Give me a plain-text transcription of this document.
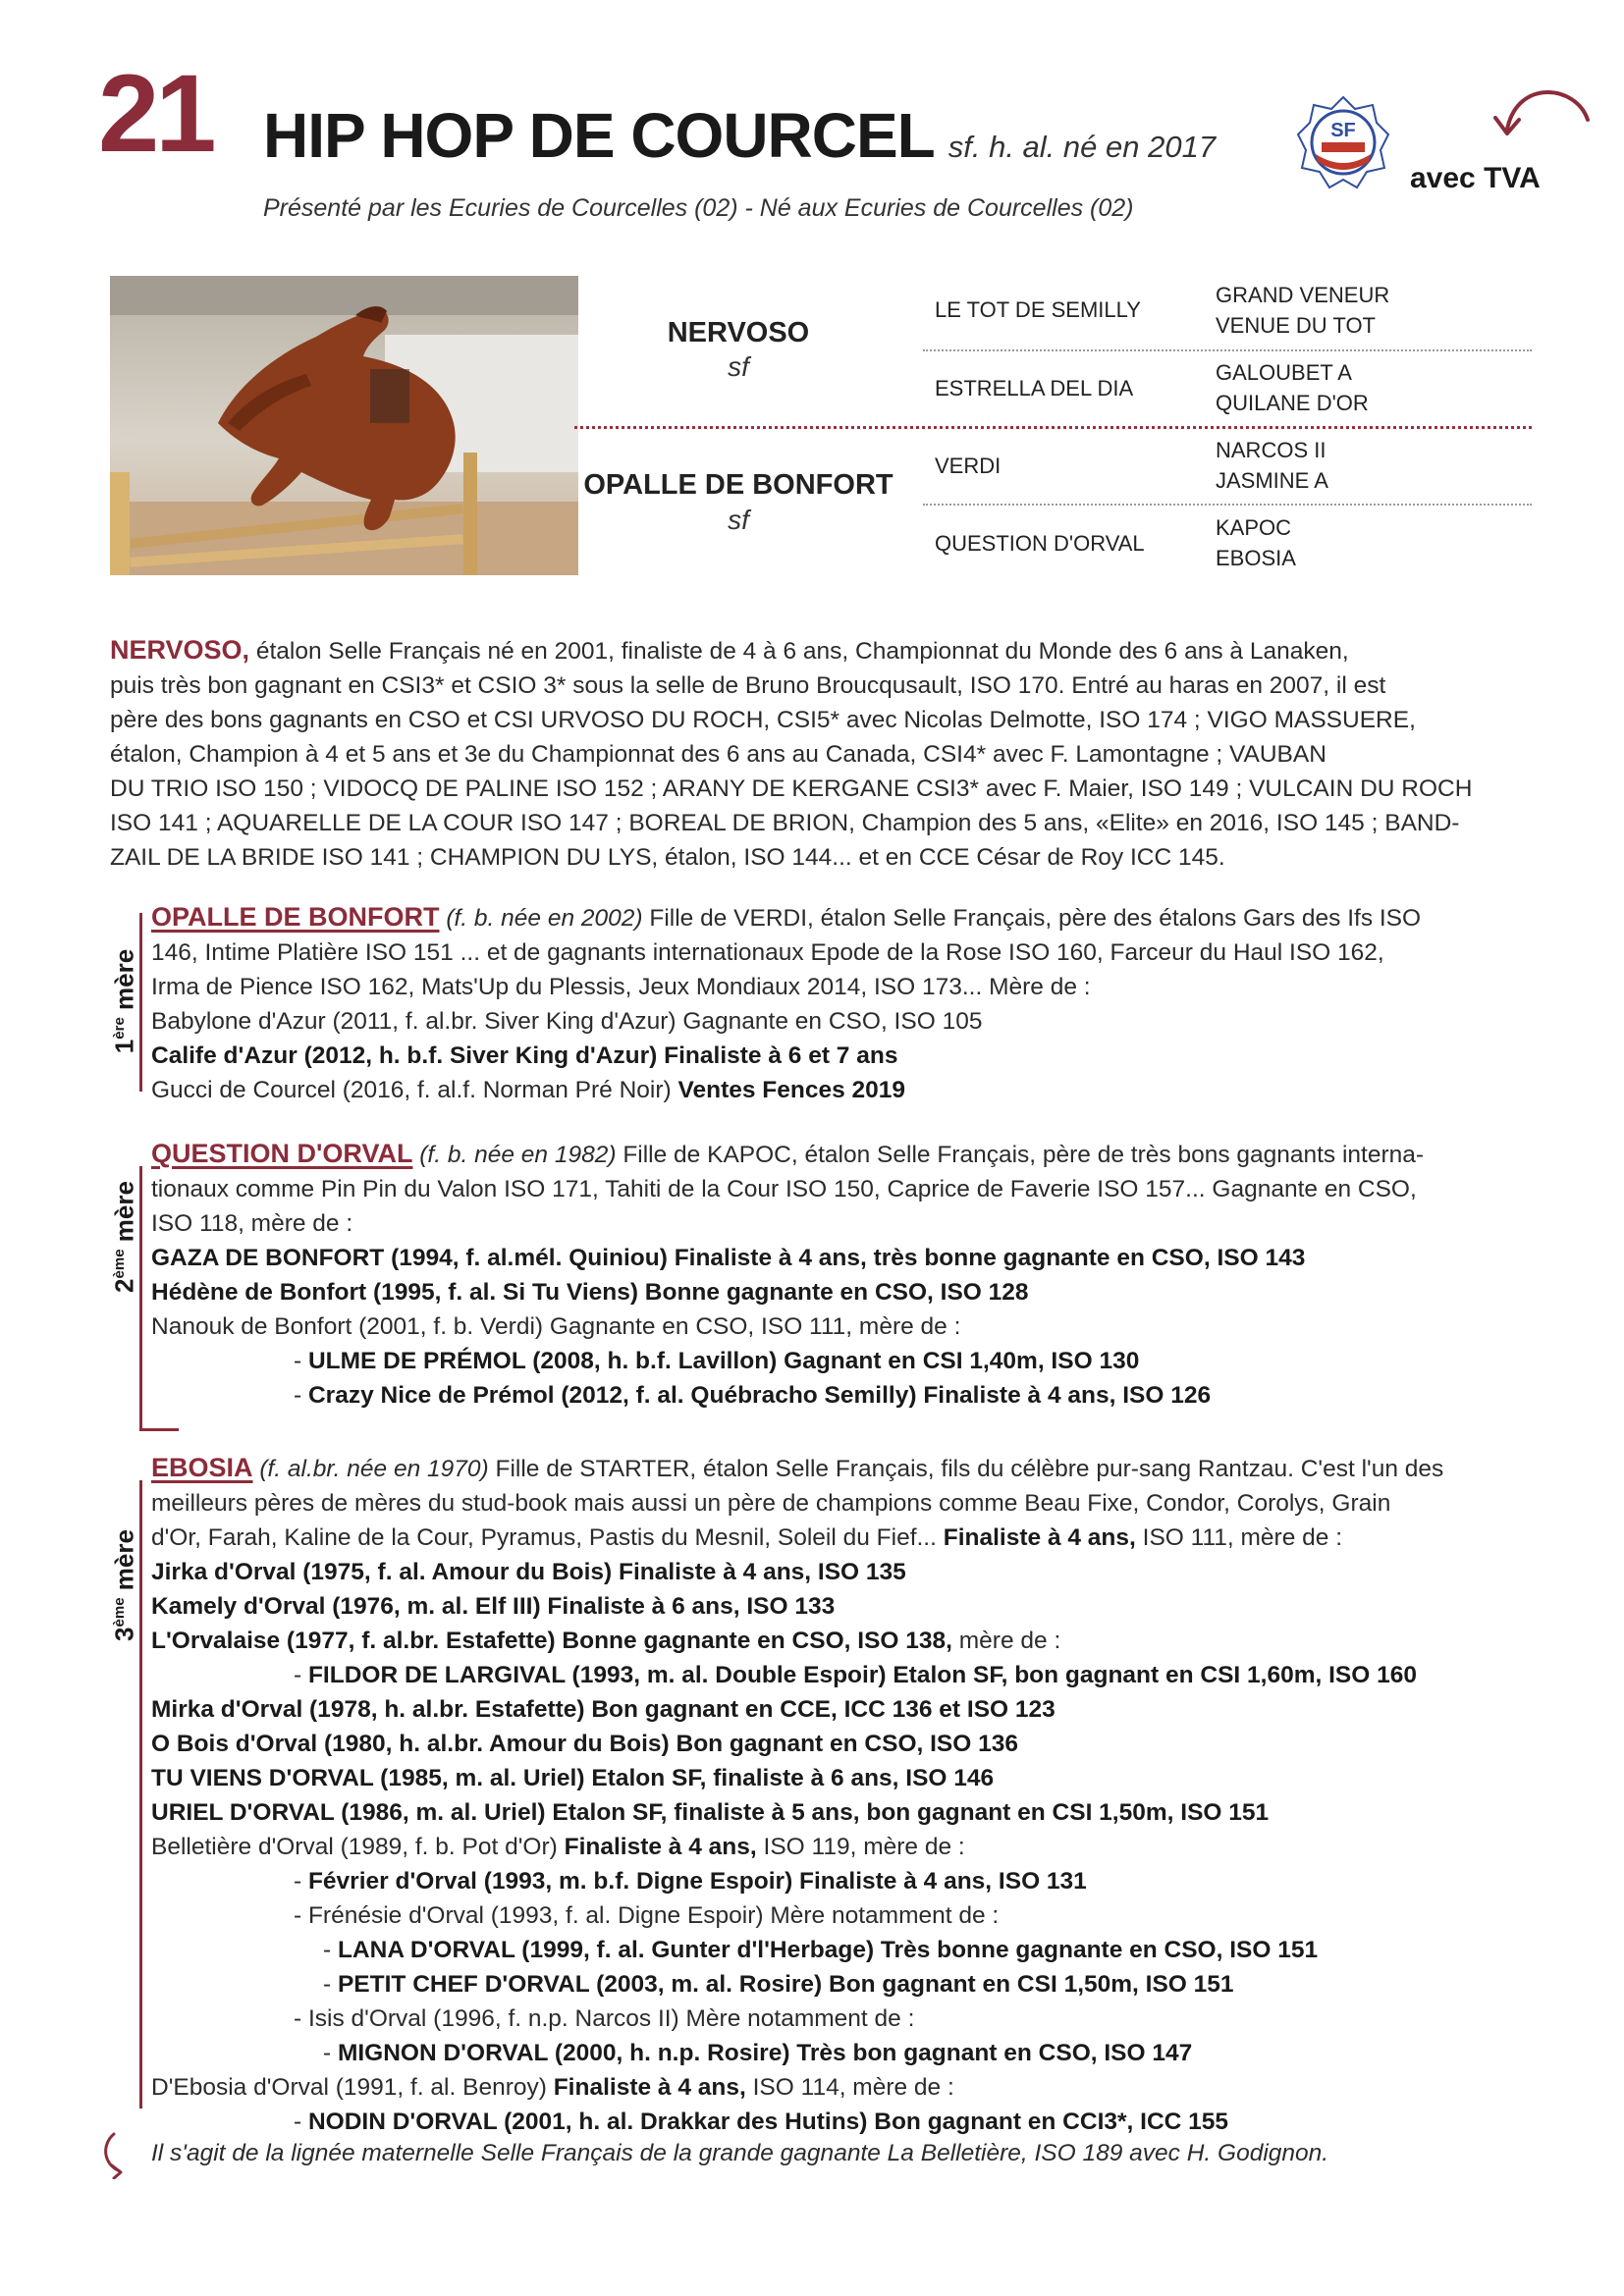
21 HIP HOP DE COURCEL sf. h. al. né en 2017
Présenté par les Ecuries de Courcelles (02) - Né aux Ecuries de Courcelles (02)
SF
avec TVA
NERVOSO
sf
OPALLE DE BONFORT
sf
LE TOT DE SEMILLY
ESTRELLA DEL DIA
VERDI
QUESTION D'ORVAL
GRAND VENEUR
VENUE DU TOT
GALOUBET A
QUILANE D'OR
NARCOS II
JASMINE A
KAPOC
EBOSIA
NERVOSO, étalon Selle Français né en 2001, finaliste de 4 à 6 ans, Championnat du Monde des 6 ans à Lanaken,
puis très bon gagnant en CSI3* et CSIO 3* sous la selle de Bruno Broucqusault, ISO 170. Entré au haras en 2007, il est
père des bons gagnants en CSO et CSI URVOSO DU ROCH, CSI5* avec Nicolas Delmotte, ISO 174 ; VIGO MASSUERE,
étalon, Champion à 4 et 5 ans et 3e du Championnat des 6 ans au Canada, CSI4* avec F. Lamontagne ; VAUBAN
DU TRIO ISO 150 ; VIDOCQ DE PALINE ISO 152 ; ARANY DE KERGANE CSI3* avec F. Maier, ISO 149 ; VULCAIN DU ROCH
ISO 141 ; AQUARELLE DE LA COUR ISO 147 ; BOREAL DE BRION, Champion des 5 ans, «Elite» en 2016, ISO 145 ; BAND-
ZAIL DE LA BRIDE ISO 141 ; CHAMPION DU LYS, étalon, ISO 144... et en CCE César de Roy ICC 145.
1ère mère
OPALLE DE BONFORT (f. b. née en 2002) Fille de VERDI, étalon Selle Français, père des étalons Gars des Ifs ISO
146, Intime Platière ISO 151 ... et de gagnants internationaux Epode de la Rose ISO 160, Farceur du Haul ISO 162,
Irma de Pience ISO 162, Mats'Up du Plessis, Jeux Mondiaux 2014, ISO 173... Mère de :
Babylone d'Azur (2011, f. al.br. Siver King d'Azur) Gagnante en CSO, ISO 105
Calife d'Azur (2012, h. b.f. Siver King d'Azur) Finaliste à 6 et 7 ans
Gucci de Courcel (2016, f. al.f. Norman Pré Noir) Ventes Fences 2019
2ème mère
QUESTION D'ORVAL (f. b. née en 1982) Fille de KAPOC, étalon Selle Français, père de très bons gagnants interna-
tionaux comme Pin Pin du Valon ISO 171, Tahiti de la Cour ISO 150, Caprice de Faverie ISO 157... Gagnante en CSO,
ISO 118, mère de :
GAZA DE BONFORT (1994, f. al.mél. Quiniou) Finaliste à 4 ans, très bonne gagnante en CSO, ISO 143
Hédène de Bonfort (1995, f. al. Si Tu Viens) Bonne gagnante en CSO, ISO 128
Nanouk de Bonfort (2001, f. b. Verdi) Gagnante en CSO, ISO 111, mère de :
- ULME DE PRÉMOL (2008, h. b.f. Lavillon) Gagnant en CSI 1,40m, ISO 130
- Crazy Nice de Prémol (2012, f. al. Québracho Semilly) Finaliste à 4 ans, ISO 126
3ème mère
EBOSIA (f. al.br. née en 1970) Fille de STARTER, étalon Selle Français, fils du célèbre pur-sang Rantzau. C'est l'un des
meilleurs pères de mères du stud-book mais aussi un père de champions comme Beau Fixe, Condor, Corolys, Grain
d'Or, Farah, Kaline de la Cour, Pyramus, Pastis du Mesnil, Soleil du Fief... Finaliste à 4 ans, ISO 111, mère de :
Jirka d'Orval (1975, f. al. Amour du Bois) Finaliste à 4 ans, ISO 135
Kamely d'Orval (1976, m. al. Elf III) Finaliste à 6 ans, ISO 133
L'Orvalaise (1977, f. al.br. Estafette) Bonne gagnante en CSO, ISO 138, mère de :
- FILDOR DE LARGIVAL (1993, m. al. Double Espoir) Etalon SF, bon gagnant en CSI 1,60m, ISO 160
Mirka d'Orval (1978, h. al.br. Estafette) Bon gagnant en CCE, ICC 136 et ISO 123
O Bois d'Orval (1980, h. al.br. Amour du Bois) Bon gagnant en CSO, ISO 136
TU VIENS D'ORVAL (1985, m. al. Uriel) Etalon SF, finaliste à 6 ans, ISO 146
URIEL D'ORVAL (1986, m. al. Uriel) Etalon SF, finaliste à 5 ans, bon gagnant en CSI 1,50m, ISO 151
Belletière d'Orval (1989, f. b. Pot d'Or) Finaliste à 4 ans, ISO 119, mère de :
- Février d'Orval (1993, m. b.f. Digne Espoir) Finaliste à 4 ans, ISO 131
- Frénésie d'Orval (1993, f. al. Digne Espoir) Mère notamment de :
- LANA D'ORVAL (1999, f. al. Gunter d'l'Herbage) Très bonne gagnante en CSO, ISO 151
- PETIT CHEF D'ORVAL (2003, m. al. Rosire) Bon gagnant en CSI 1,50m, ISO 151
- Isis d'Orval (1996, f. n.p. Narcos II) Mère notamment de :
- MIGNON D'ORVAL (2000, h. n.p. Rosire) Très bon gagnant en CSO, ISO 147
D'Ebosia d'Orval (1991, f. al. Benroy) Finaliste à 4 ans, ISO 114, mère de :
- NODIN D'ORVAL (2001, h. al. Drakkar des Hutins) Bon gagnant en CCI3*, ICC 155
Il s'agit de la lignée maternelle Selle Français de la grande gagnante La Belletière, ISO 189 avec H. Godignon.
